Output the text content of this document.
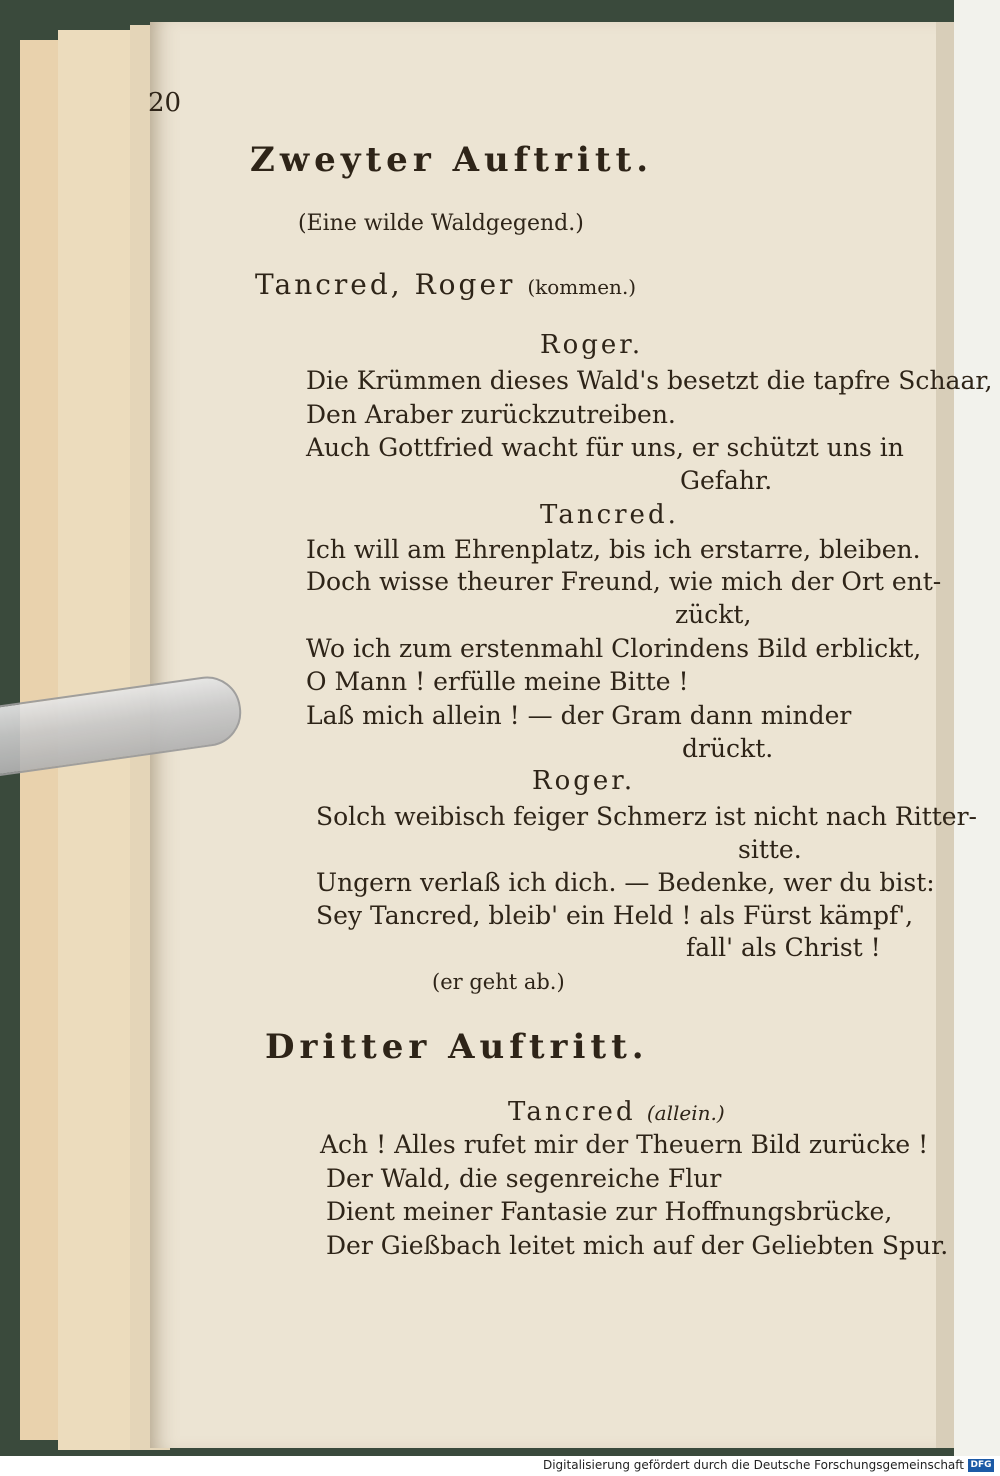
20
Zweyter Auftritt.
(Eine wilde Waldgegend.)
Tancred, Roger (kommen.)
Roger.
Die Krümmen dieses Wald's besetzt die tapfre Schaar,
Den Araber zurückzutreiben.
Auch Gottfried wacht für uns, er schützt uns in
Gefahr.
Tancred.
Ich will am Ehrenplatz, bis ich erstarre, bleiben.
Doch wisse theurer Freund, wie mich der Ort ent-
zückt,
Wo ich zum erstenmahl Clorindens Bild erblickt,
O Mann ! erfülle meine Bitte !
Laß mich allein ! — der Gram dann minder
drückt.
Roger.
Solch weibisch feiger Schmerz ist nicht nach Ritter-
sitte.
Ungern verlaß ich dich. — Bedenke, wer du bist:
Sey Tancred, bleib' ein Held ! als Fürst kämpf',
fall' als Christ !
(er geht ab.)
Dritter Auftritt.
Tancred (allein.)
Ach ! Alles rufet mir der Theuern Bild zurücke !
Der Wald, die segenreiche Flur
Dient meiner Fantasie zur Hoffnungsbrücke,
Der Gießbach leitet mich auf der Geliebten Spur.
Digitalisierung gefördert durch die Deutsche Forschungsgemeinschaft DFG
